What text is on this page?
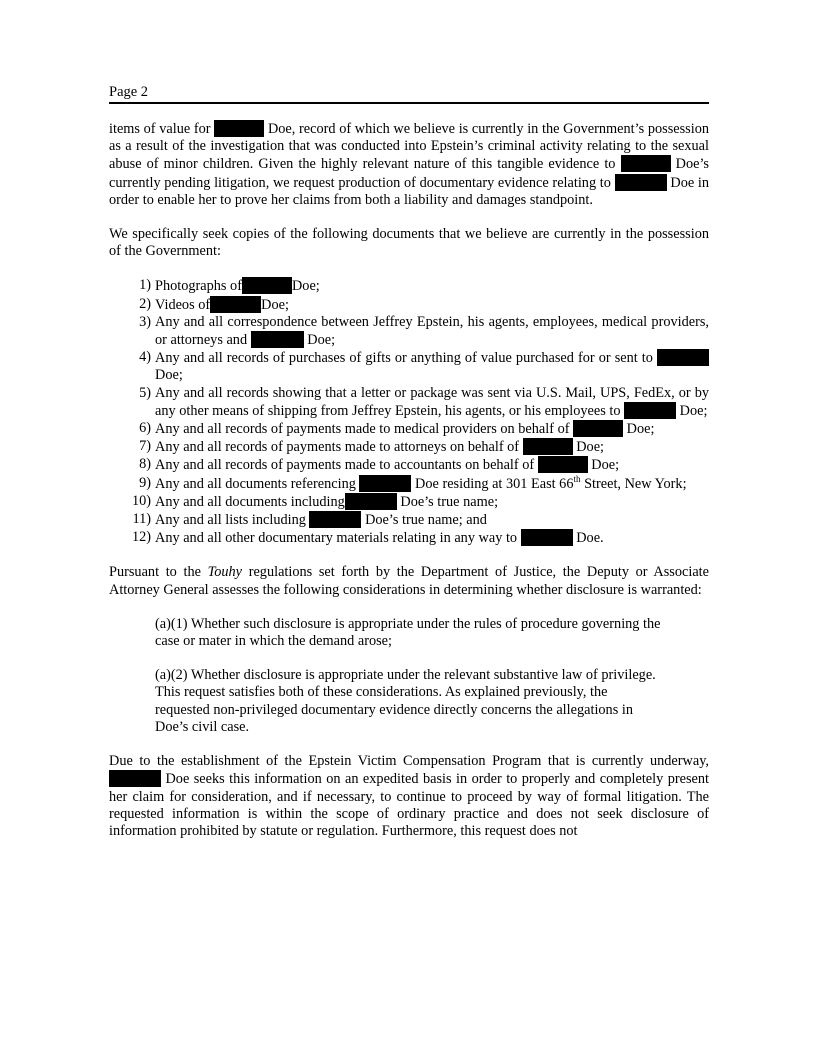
Page 2

items of value for	Doe, record of which we believe is currently in the Government’s possession as a result of the investigation that was conducted into Epstein’s criminal activity relating to the sexual abuse of minor children. Given the highly relevant nature of this tangible evidence to	Doe’s currently pending litigation, we request production of documentary evidence relating to	Doe in order to enable her to prove her claims from both a liability and damages standpoint.

We specifically seek copies of the following documents that we believe are currently in the possession of the Government:

1) Photographs of	Doe;
2) Videos of	Doe;
3) Any and all correspondence between Jeffrey Epstein, his agents, employees, medical providers, or attorneys and	Doe;
4) Any and all records of purchases of gifts or anything of value purchased for or sent to  Doe;
5) Any and all records showing that a letter or package was sent via U.S. Mail, UPS, FedEx, or by any other means of shipping from Jeffrey Epstein, his agents, or his employees to	Doe;
6) Any and all records of payments made to medical providers on behalf of	Doe;
7) Any and all records of payments made to attorneys on behalf of	Doe;
8) Any and all records of payments made to accountants on behalf of	Doe;
9) Any and all documents referencing	Doe residing at 301 East 66th Street, New York;
10) Any and all documents including	Doe’s true name;
11) Any and all lists including	Doe’s true name; and
12) Any and all other documentary materials relating in any way to	Doe.

Pursuant to the Touhy regulations set forth by the Department of Justice, the Deputy or Associate Attorney General assesses the following considerations in determining whether disclosure is warranted:

(a)(1) Whether such disclosure is appropriate under the rules of procedure governing the case or mater in which the demand arose;

(a)(2) Whether disclosure is appropriate under the relevant substantive law of privilege. This request satisfies both of these considerations. As explained previously, the requested non-privileged documentary evidence directly concerns the allegations in Doe’s civil case.

Due to the establishment of the Epstein Victim Compensation Program that is currently underway,  Doe seeks this information on an expedited basis in order to properly and completely present her claim for consideration, and if necessary, to continue to proceed by way of formal litigation. The requested information is within the scope of ordinary practice and does not seek disclosure of information prohibited by statute or regulation. Furthermore, this request does not
